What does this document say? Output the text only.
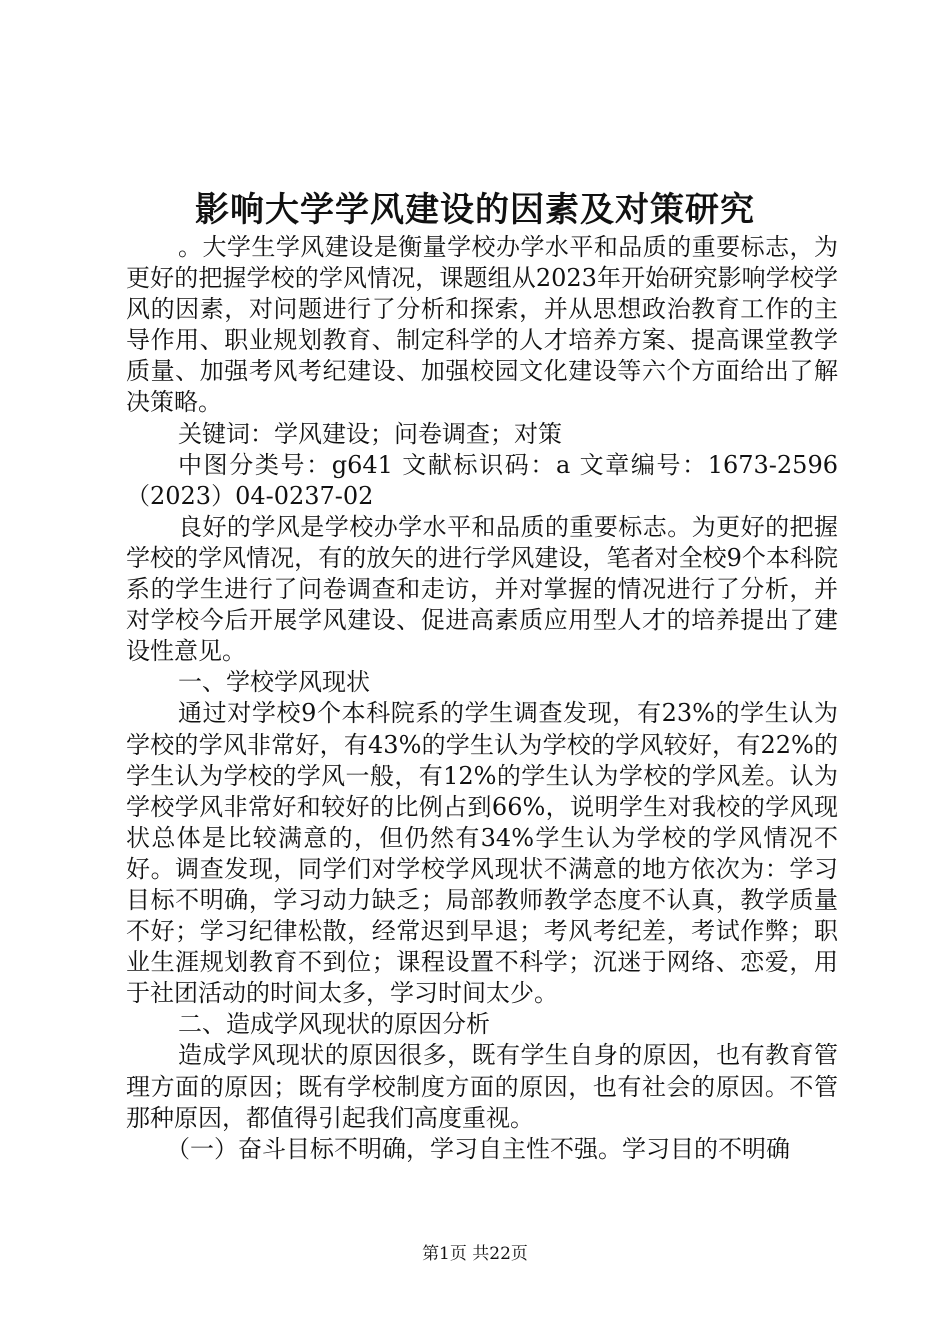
影响大学学风建设的因素及对策研究

。大学生学风建设是衡量学校办学水平和品质的重要标志，为更好的把握学校的学风情况，课题组从2023年开始研究影响学校学风的因素，对问题进行了分析和探索，并从思想政治教育工作的主导作用、职业规划教育、制定科学的人才培养方案、提高课堂教学质量、加强考风考纪建设、加强校园文化建设等六个方面给出了解决策略。

关键词：学风建设；问卷调查；对策

中图分类号：g641 文献标识码：a 文章编号：1673-2596（2023）04-0237-02

良好的学风是学校办学水平和品质的重要标志。为更好的把握学校的学风情况，有的放矢的进行学风建设，笔者对全校9个本科院系的学生进行了问卷调查和走访，并对掌握的情况进行了分析，并对学校今后开展学风建设、促进高素质应用型人才的培养提出了建设性意见。

一、学校学风现状

通过对学校9个本科院系的学生调查发现，有23%的学生认为学校的学风非常好，有43%的学生认为学校的学风较好，有22%的学生认为学校的学风一般，有12%的学生认为学校的学风差。认为学校学风非常好和较好的比例占到66%，说明学生对我校的学风现状总体是比较满意的，但仍然有34%学生认为学校的学风情况不好。调查发现，同学们对学校学风现状不满意的地方依次为：学习目标不明确，学习动力缺乏；局部教师教学态度不认真，教学质量不好；学习纪律松散，经常迟到早退；考风考纪差，考试作弊；职业生涯规划教育不到位；课程设置不科学；沉迷于网络、恋爱，用于社团活动的时间太多，学习时间太少。

二、造成学风现状的原因分析

造成学风现状的原因很多，既有学生自身的原因，也有教育管理方面的原因；既有学校制度方面的原因，也有社会的原因。不管那种原因，都值得引起我们高度重视。

（一）奋斗目标不明确，学习自主性不强。学习目的不明确

第1页 共22页
